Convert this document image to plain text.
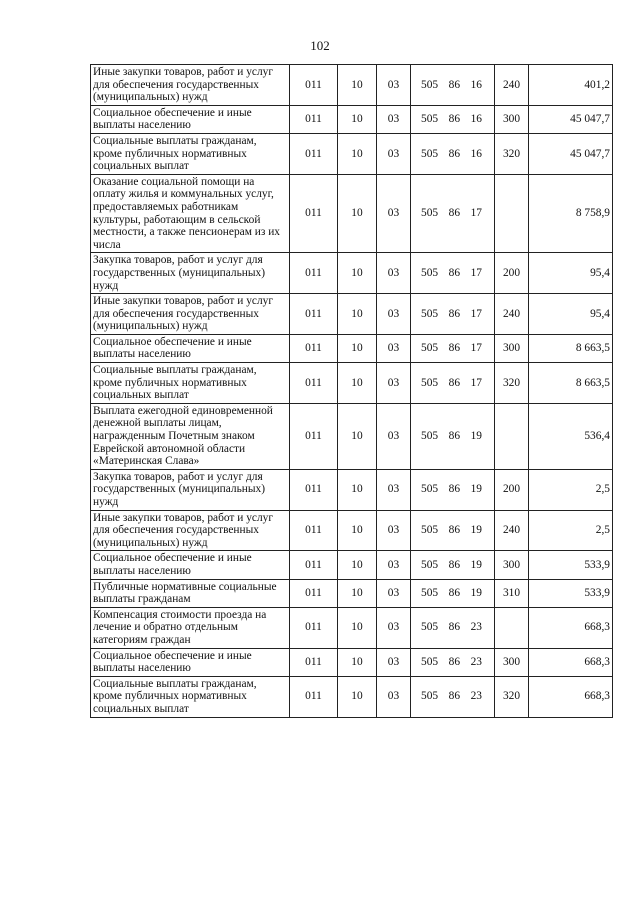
102
Иные закупки товаров, работ и услуг для обеспечения государственных (муниципальных) нужд	011	10	03	505 86 16	240	401,2
Социальное обеспечение и иные выплаты населению	011	10	03	505 86 16	300	45 047,7
Социальные выплаты гражданам, кроме публичных нормативных социальных выплат	011	10	03	505 86 16	320	45 047,7
Оказание социальной помощи на оплату жилья и коммунальных услуг, предоставляемых работникам культуры, работающим в сельской местности, а также пенсионерам из их числа	011	10	03	505 86 17		8 758,9
Закупка товаров, работ и услуг для государственных (муниципальных) нужд	011	10	03	505 86 17	200	95,4
Иные закупки товаров, работ и услуг для обеспечения государственных (муниципальных) нужд	011	10	03	505 86 17	240	95,4
Социальное обеспечение и иные выплаты населению	011	10	03	505 86 17	300	8 663,5
Социальные выплаты гражданам, кроме публичных нормативных социальных выплат	011	10	03	505 86 17	320	8 663,5
Выплата ежегодной единовременной денежной выплаты лицам, награжденным Почетным знаком Еврейской автономной области «Материнская Слава»	011	10	03	505 86 19		536,4
Закупка товаров, работ и услуг для государственных (муниципальных) нужд	011	10	03	505 86 19	200	2,5
Иные закупки товаров, работ и услуг для обеспечения государственных (муниципальных) нужд	011	10	03	505 86 19	240	2,5
Социальное обеспечение и иные выплаты населению	011	10	03	505 86 19	300	533,9
Публичные нормативные социальные выплаты гражданам	011	10	03	505 86 19	310	533,9
Компенсация стоимости проезда на лечение и обратно отдельным категориям граждан	011	10	03	505 86 23		668,3
Социальное обеспечение и иные выплаты населению	011	10	03	505 86 23	300	668,3
Социальные выплаты гражданам, кроме публичных нормативных социальных выплат	011	10	03	505 86 23	320	668,3
